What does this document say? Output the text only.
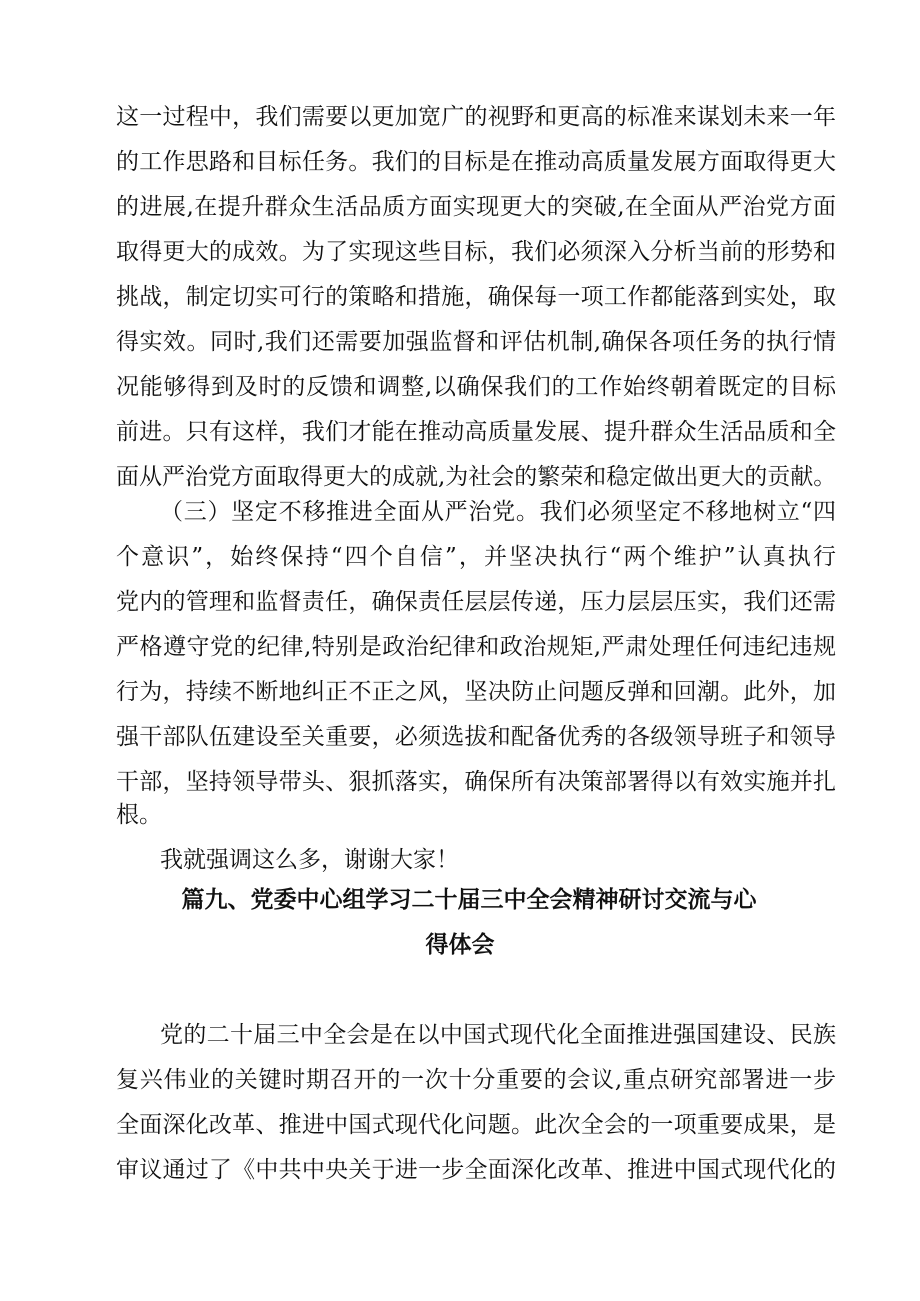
这一过程中，我们需要以更加宽广的视野和更高的标准来谋划未来一年
的工作思路和目标任务。我们的目标是在推动高质量发展方面取得更大
的进展,在提升群众生活品质方面实现更大的突破,在全面从严治党方面
取得更大的成效。为了实现这些目标，我们必须深入分析当前的形势和
挑战，制定切实可行的策略和措施，确保每一项工作都能落到实处，取
得实效。同时,我们还需要加强监督和评估机制,确保各项任务的执行情
况能够得到及时的反馈和调整,以确保我们的工作始终朝着既定的目标
前进。只有这样，我们才能在推动高质量发展、提升群众生活品质和全
面从严治党方面取得更大的成就,为社会的繁荣和稳定做出更大的贡献。
（三）坚定不移推进全面从严治党。我们必须坚定不移地树立“四
个意识”，始终保持“四个自信”，并坚决执行“两个维护”认真执行
党内的管理和监督责任，确保责任层层传递，压力层层压实，我们还需
严格遵守党的纪律,特别是政治纪律和政治规矩,严肃处理任何违纪违规
行为，持续不断地纠正不正之风，坚决防止问题反弹和回潮。此外，加
强干部队伍建设至关重要，必须选拔和配备优秀的各级领导班子和领导
干部，坚持领导带头、狠抓落实，确保所有决策部署得以有效实施并扎
根。
我就强调这么多，谢谢大家！
篇九、党委中心组学习二十届三中全会精神研讨交流与心
得体会
党的二十届三中全会是在以中国式现代化全面推进强国建设、民族
复兴伟业的关键时期召开的一次十分重要的会议,重点研究部署进一步
全面深化改革、推进中国式现代化问题。此次全会的一项重要成果，是
审议通过了《中共中央关于进一步全面深化改革、推进中国式现代化的
